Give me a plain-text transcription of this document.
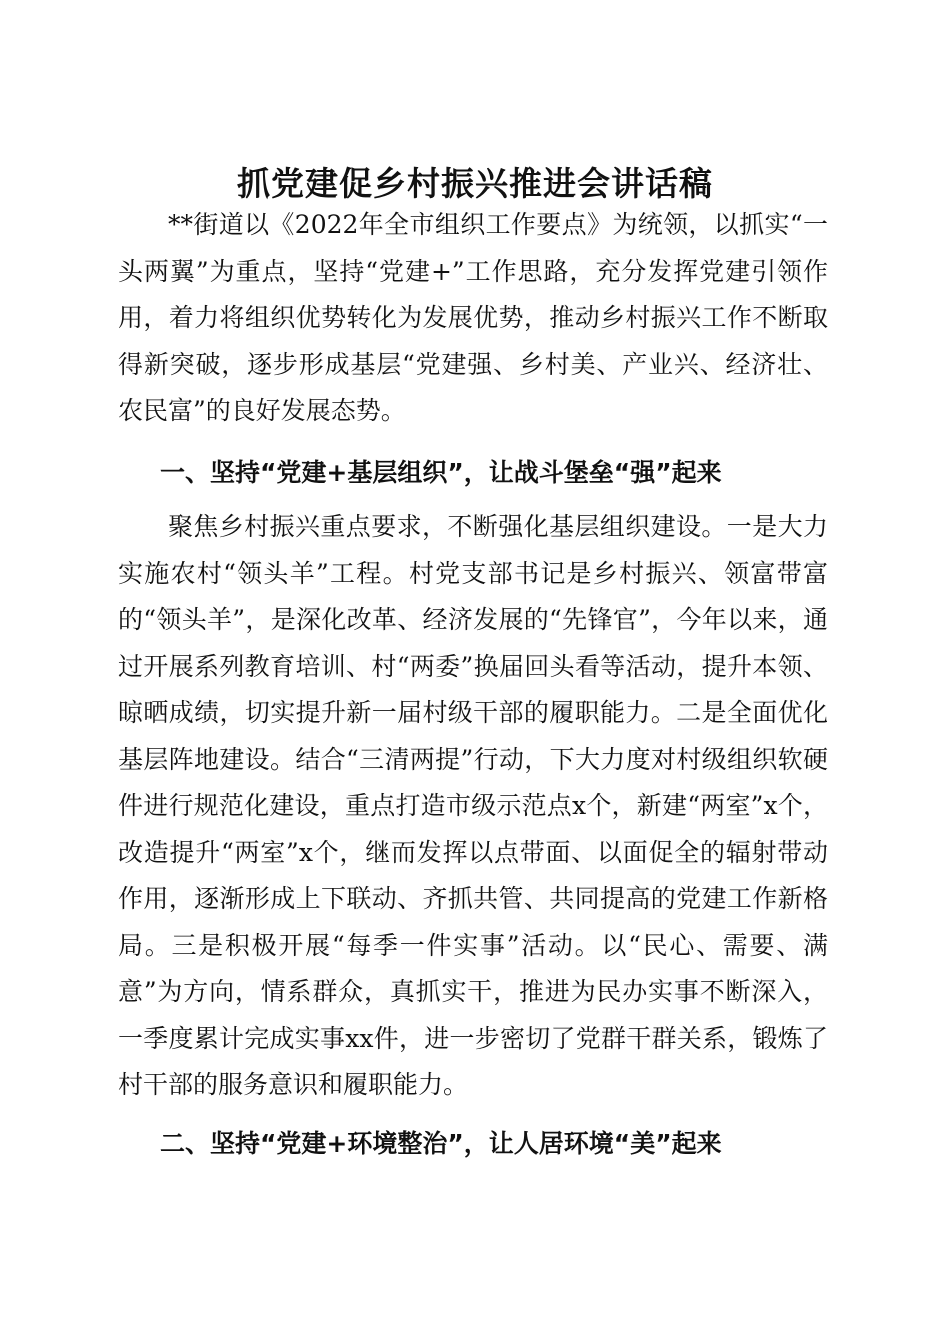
抓党建促乡村振兴推进会讲话稿

**街道以《2022年全市组织工作要点》为统领，以抓实“一头两翼”为重点，坚持“党建+”工作思路，充分发挥党建引领作用，着力将组织优势转化为发展优势，推动乡村振兴工作不断取得新突破，逐步形成基层“党建强、乡村美、产业兴、经济壮、农民富”的良好发展态势。

一、坚持“党建+基层组织”，让战斗堡垒“强”起来

聚焦乡村振兴重点要求，不断强化基层组织建设。一是大力实施农村“领头羊”工程。村党支部书记是乡村振兴、领富带富的“领头羊”，是深化改革、经济发展的“先锋官”，今年以来，通过开展系列教育培训、村“两委”换届回头看等活动，提升本领、晾晒成绩，切实提升新一届村级干部的履职能力。二是全面优化基层阵地建设。结合“三清两提”行动，下大力度对村级组织软硬件进行规范化建设，重点打造市级示范点x个，新建“两室”x个，改造提升“两室”x个，继而发挥以点带面、以面促全的辐射带动作用，逐渐形成上下联动、齐抓共管、共同提高的党建工作新格局。三是积极开展“每季一件实事”活动。以“民心、需要、满意”为方向，情系群众，真抓实干，推进为民办实事不断深入，一季度累计完成实事xx件，进一步密切了党群干群关系，锻炼了村干部的服务意识和履职能力。

二、坚持“党建+环境整治”，让人居环境“美”起来
